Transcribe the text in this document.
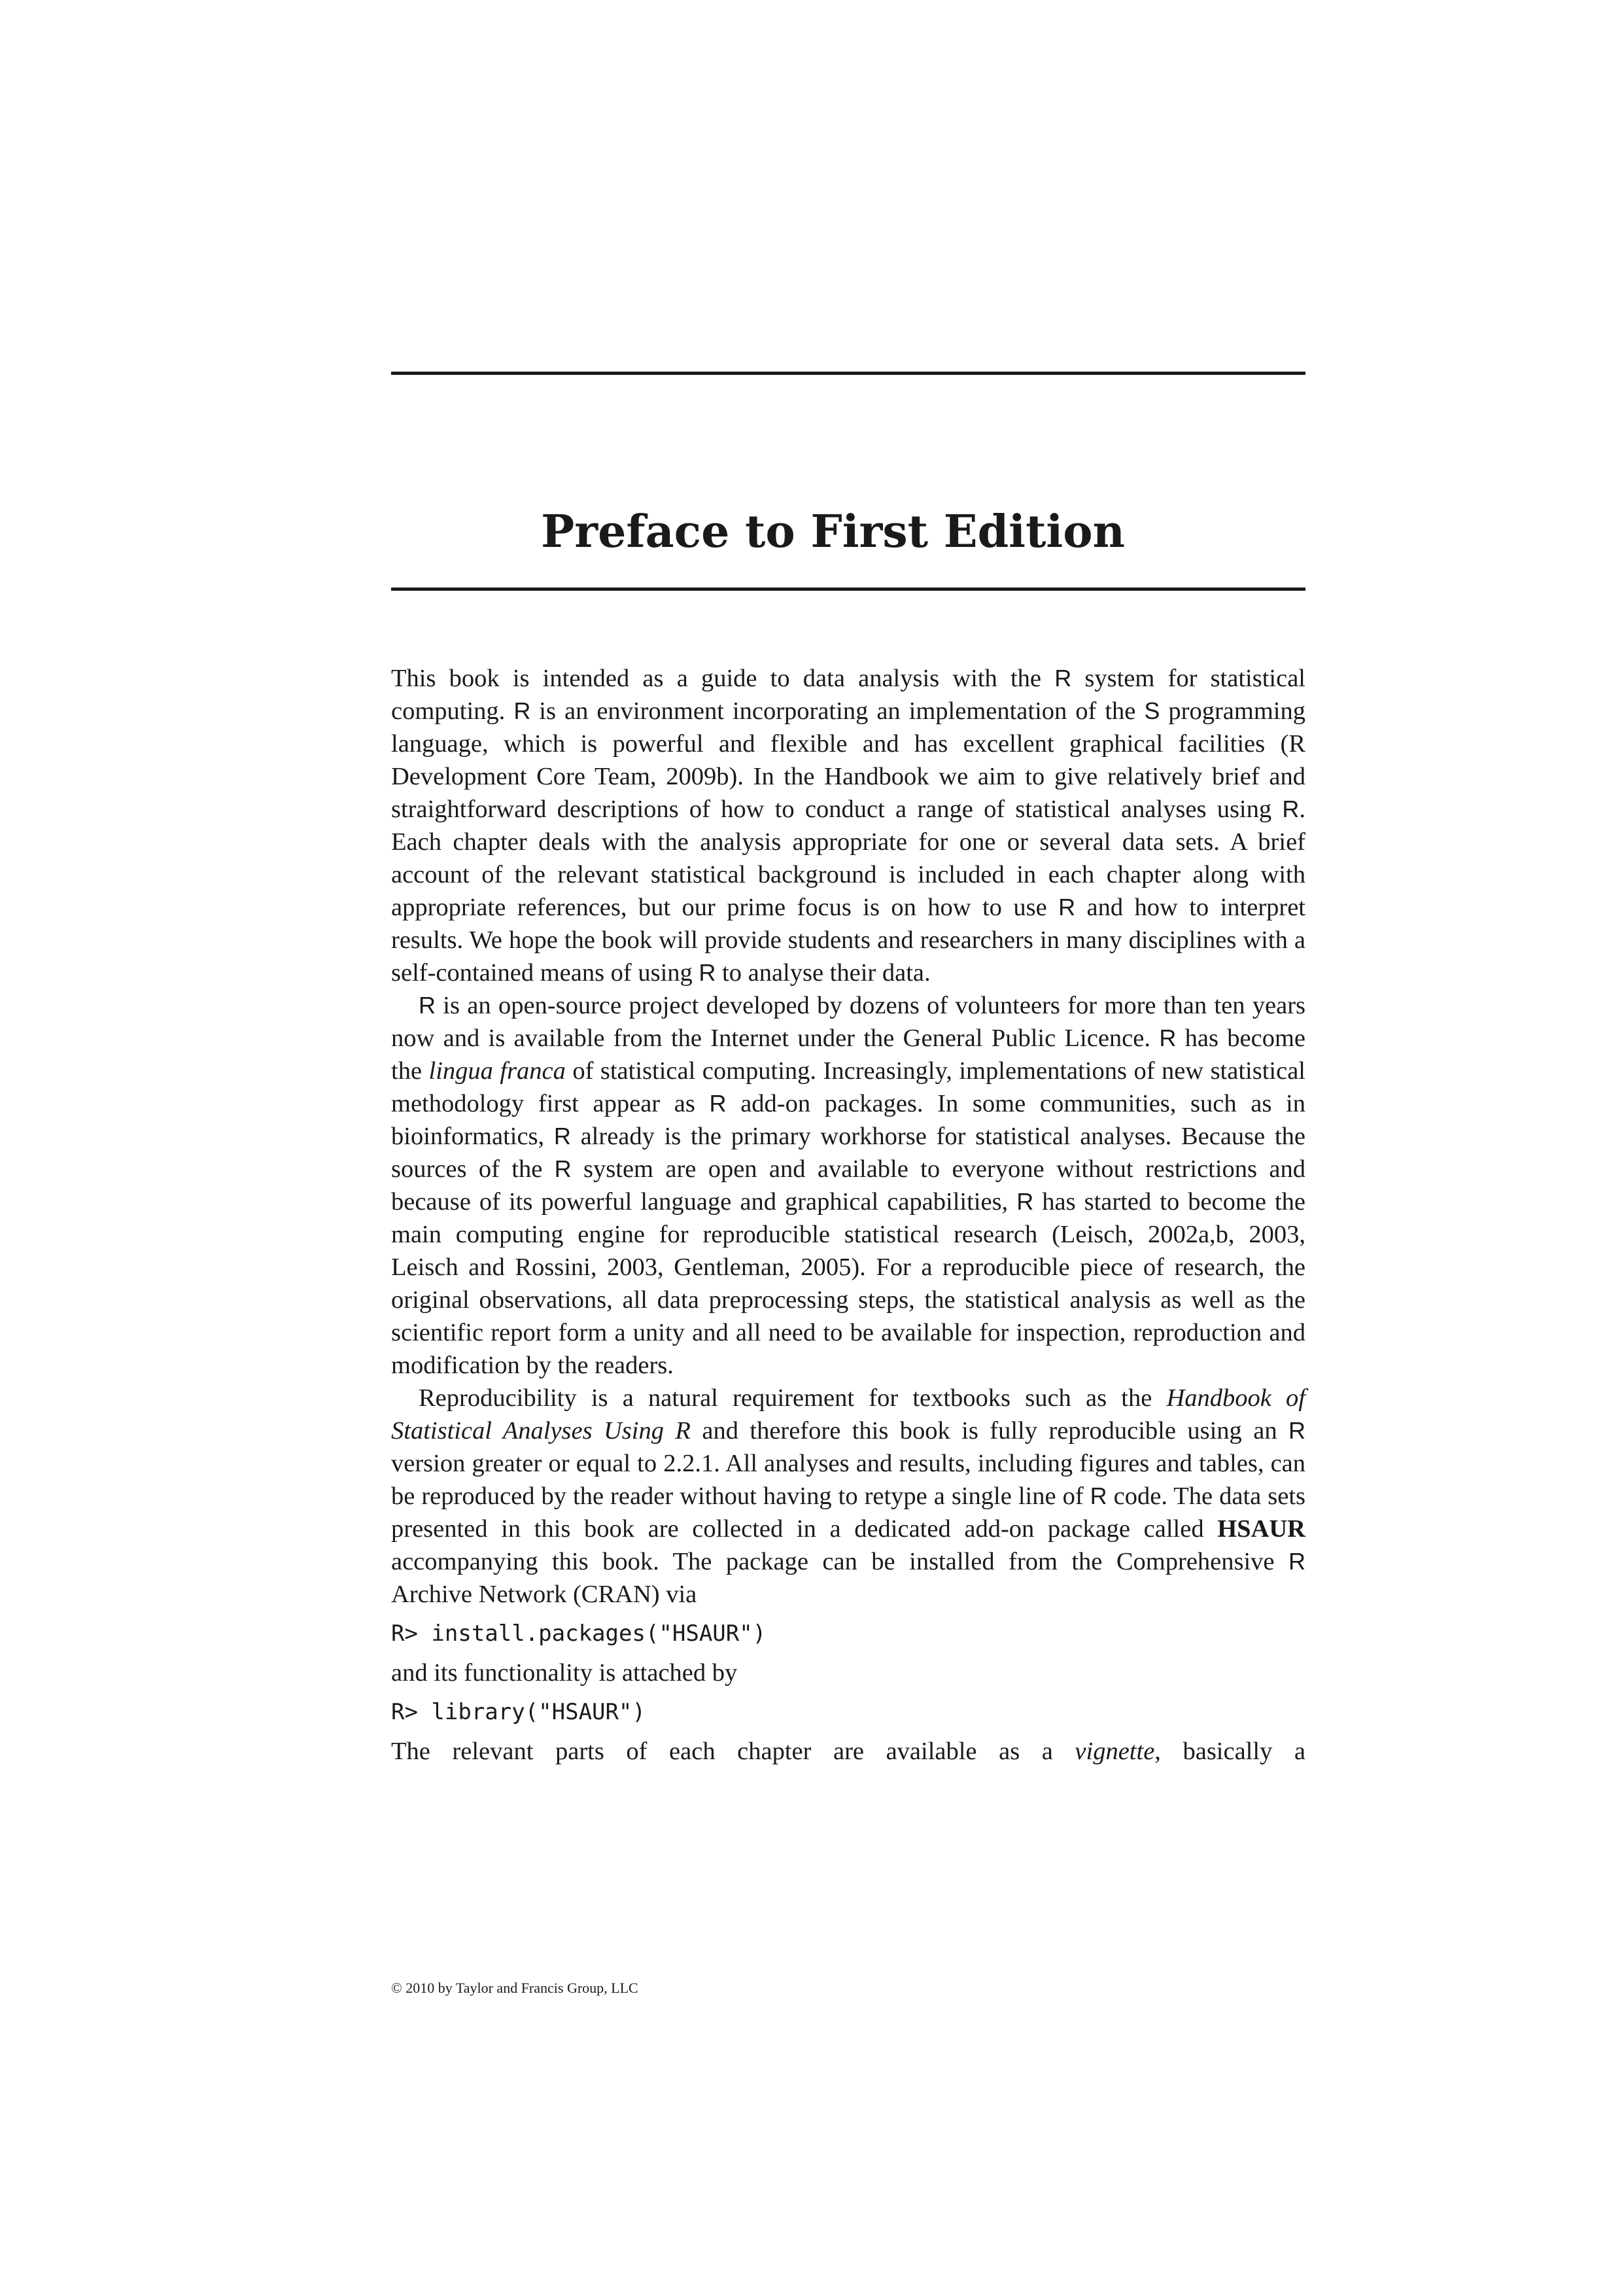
Preface to First Edition

This book is intended as a guide to data analysis with the R system for statistical computing. R is an environment incorporating an implementation of the S programming language, which is powerful and flexible and has excellent graphical facilities (R Development Core Team, 2009b). In the Handbook we aim to give relatively brief and straightforward descriptions of how to conduct a range of statistical analyses using R. Each chapter deals with the analysis appropriate for one or several data sets. A brief account of the relevant statistical background is included in each chapter along with appropriate references, but our prime focus is on how to use R and how to interpret results. We hope the book will provide students and researchers in many disciplines with a self-contained means of using R to analyse their data.

R is an open-source project developed by dozens of volunteers for more than ten years now and is available from the Internet under the General Public Licence. R has become the lingua franca of statistical computing. Increasingly, implementations of new statistical methodology first appear as R add-on packages. In some communities, such as in bioinformatics, R already is the primary workhorse for statistical analyses. Because the sources of the R system are open and available to everyone without restrictions and because of its powerful language and graphical capabilities, R has started to become the main computing engine for reproducible statistical research (Leisch, 2002a,b, 2003, Leisch and Rossini, 2003, Gentleman, 2005). For a reproducible piece of research, the original observations, all data preprocessing steps, the statistical analysis as well as the scientific report form a unity and all need to be available for inspection, reproduction and modification by the readers.

Reproducibility is a natural requirement for textbooks such as the Handbook of Statistical Analyses Using R and therefore this book is fully reproducible using an R version greater or equal to 2.2.1. All analyses and results, including figures and tables, can be reproduced by the reader without having to retype a single line of R code. The data sets presented in this book are collected in a dedicated add-on package called HSAUR accompanying this book. The package can be installed from the Comprehensive R Archive Network (CRAN) via

R> install.packages("HSAUR")

and its functionality is attached by

R> library("HSAUR")

The relevant parts of each chapter are available as a vignette, basically a

© 2010 by Taylor and Francis Group, LLC
